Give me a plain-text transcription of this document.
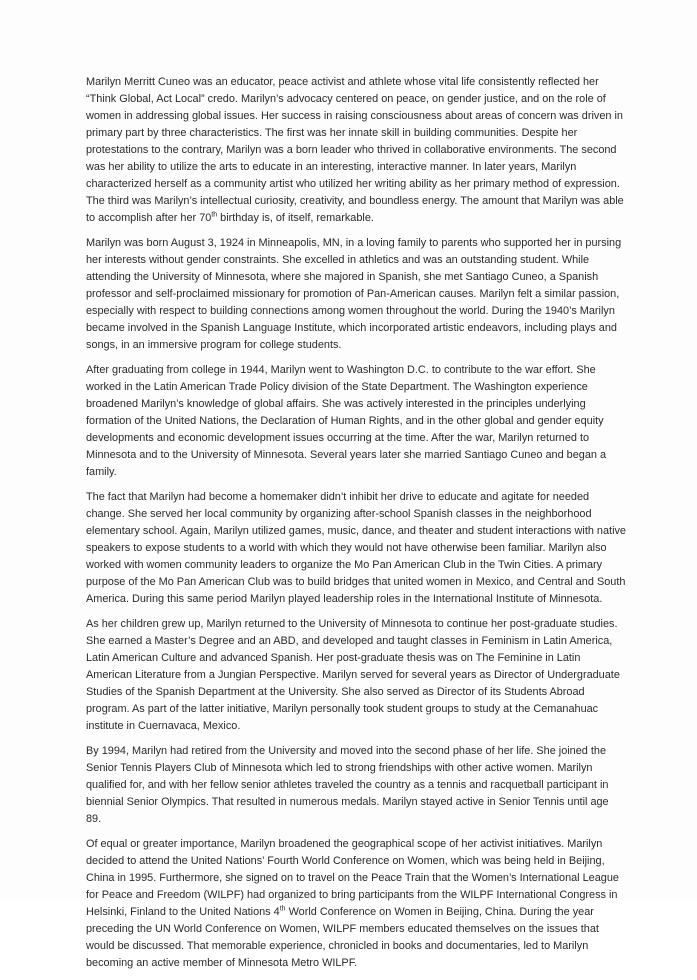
Marilyn Merritt Cuneo was an educator, peace activist and athlete whose vital life consistently reflected her “Think Global, Act Local” credo. Marilyn’s advocacy centered on peace, on gender justice, and on the role of women in addressing global issues. Her success in raising consciousness about areas of concern was driven in primary part by three characteristics. The first was her innate skill in building communities. Despite her protestations to the contrary, Marilyn was a born leader who thrived in collaborative environments. The second was her ability to utilize the arts to educate in an interesting, interactive manner. In later years, Marilyn characterized herself as a community artist who utilized her writing ability as her primary method of expression. The third was Marilyn’s intellectual curiosity, creativity, and boundless energy. The amount that Marilyn was able to accomplish after her 70th birthday is, of itself, remarkable.

Marilyn was born August 3, 1924 in Minneapolis, MN, in a loving family to parents who supported her in pursing her interests without gender constraints. She excelled in athletics and was an outstanding student. While attending the University of Minnesota, where she majored in Spanish, she met Santiago Cuneo, a Spanish professor and self-proclaimed missionary for promotion of Pan-American causes. Marilyn felt a similar passion, especially with respect to building connections among women throughout the world. During the 1940’s Marilyn became involved in the Spanish Language Institute, which incorporated artistic endeavors, including plays and songs, in an immersive program for college students.

After graduating from college in 1944, Marilyn went to Washington D.C. to contribute to the war effort. She worked in the Latin American Trade Policy division of the State Department. The Washington experience broadened Marilyn’s knowledge of global affairs. She was actively interested in the principles underlying formation of the United Nations, the Declaration of Human Rights, and in the other global and gender equity developments and economic development issues occurring at the time. After the war, Marilyn returned to Minnesota and to the University of Minnesota. Several years later she married Santiago Cuneo and began a family.

The fact that Marilyn had become a homemaker didn’t inhibit her drive to educate and agitate for needed change. She served her local community by organizing after-school Spanish classes in the neighborhood elementary school. Again, Marilyn utilized games, music, dance, and theater and student interactions with native speakers to expose students to a world with which they would not have otherwise been familiar. Marilyn also worked with women community leaders to organize the Mo Pan American Club in the Twin Cities. A primary purpose of the Mo Pan American Club was to build bridges that united women in Mexico, and Central and South America. During this same period Marilyn played leadership roles in the International Institute of Minnesota.

As her children grew up, Marilyn returned to the University of Minnesota to continue her post-graduate studies. She earned a Master’s Degree and an ABD, and developed and taught classes in Feminism in Latin America, Latin American Culture and advanced Spanish. Her post-graduate thesis was on The Feminine in Latin American Literature from a Jungian Perspective. Marilyn served for several years as Director of Undergraduate Studies of the Spanish Department at the University. She also served as Director of its Students Abroad program. As part of the latter initiative, Marilyn personally took student groups to study at the Cemanahuac institute in Cuernavaca, Mexico.

By 1994, Marilyn had retired from the University and moved into the second phase of her life. She joined the Senior Tennis Players Club of Minnesota which led to strong friendships with other active women. Marilyn qualified for, and with her fellow senior athletes traveled the country as a tennis and racquetball participant in biennial Senior Olympics. That resulted in numerous medals. Marilyn stayed active in Senior Tennis until age 89.

Of equal or greater importance, Marilyn broadened the geographical scope of her activist initiatives. Marilyn decided to attend the United Nations’ Fourth World Conference on Women, which was being held in Beijing, China in 1995. Furthermore, she signed on to travel on the Peace Train that the Women’s International League for Peace and Freedom (WILPF) had organized to bring participants from the WILPF International Congress in Helsinki, Finland to the United Nations 4th World Conference on Women in Beijing, China. During the year preceding the UN World Conference on Women, WILPF members educated themselves on the issues that would be discussed. That memorable experience, chronicled in books and documentaries, led to Marilyn becoming an active member of Minnesota Metro WILPF.
